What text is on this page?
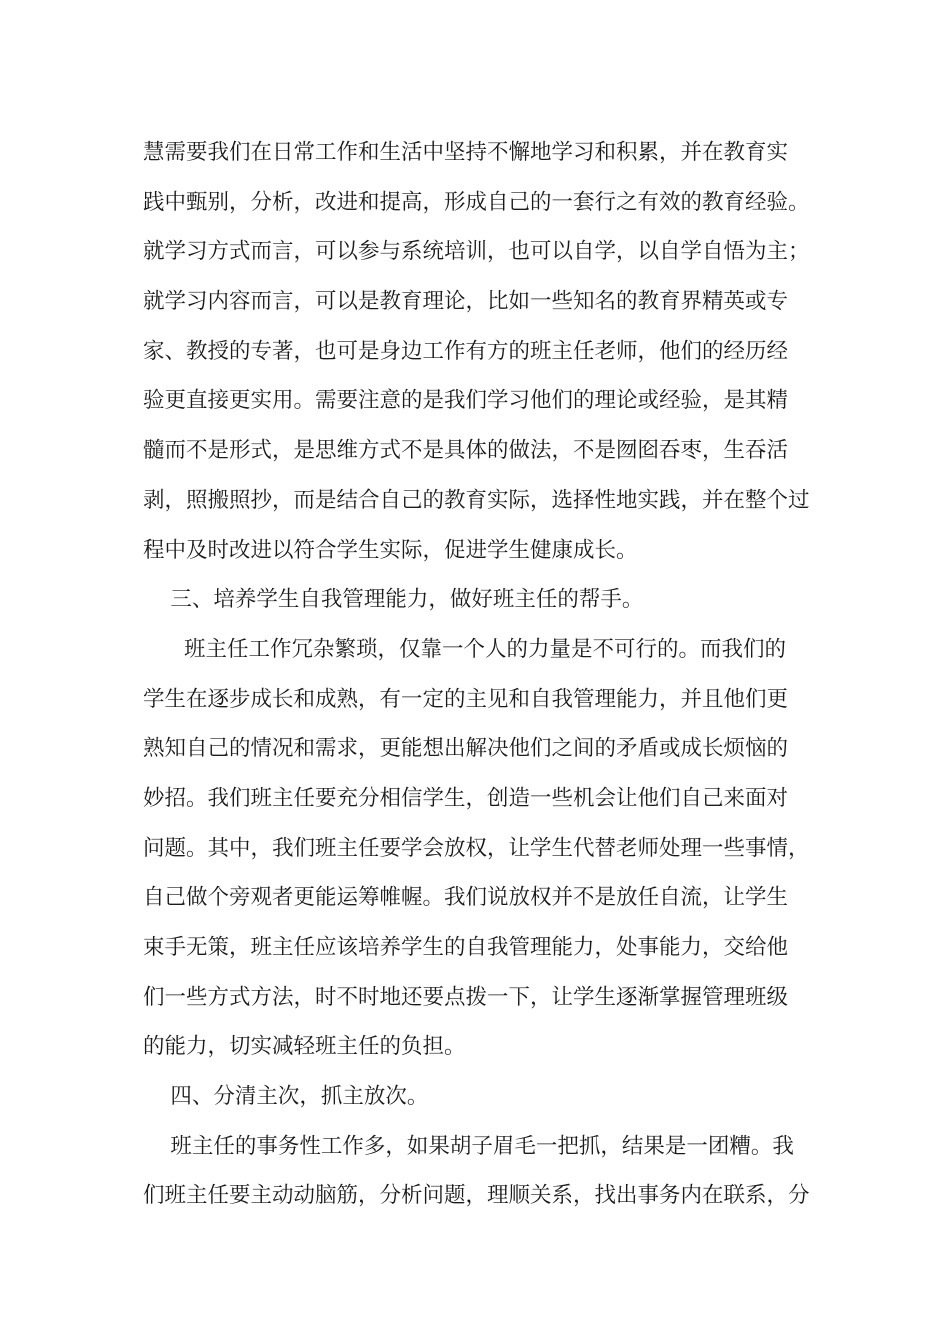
慧需要我们在日常工作和生活中坚持不懈地学习和积累，并在教育实
践中甄别，分析，改进和提高，形成自己的一套行之有效的教育经验。
就学习方式而言，可以参与系统培训，也可以自学，以自学自悟为主；
就学习内容而言，可以是教育理论，比如一些知名的教育界精英或专
家、教授的专著，也可是身边工作有方的班主任老师，他们的经历经
验更直接更实用。需要注意的是我们学习他们的理论或经验，是其精
髓而不是形式，是思维方式不是具体的做法，不是囫囵吞枣，生吞活
剥，照搬照抄，而是结合自己的教育实际，选择性地实践，并在整个过
程中及时改进以符合学生实际，促进学生健康成长。
三、培养学生自我管理能力，做好班主任的帮手。
班主任工作冗杂繁琐，仅靠一个人的力量是不可行的。而我们的
学生在逐步成长和成熟，有一定的主见和自我管理能力，并且他们更
熟知自己的情况和需求，更能想出解决他们之间的矛盾或成长烦恼的
妙招。我们班主任要充分相信学生，创造一些机会让他们自己来面对
问题。其中，我们班主任要学会放权，让学生代替老师处理一些事情，
自己做个旁观者更能运筹帷幄。我们说放权并不是放任自流，让学生
束手无策，班主任应该培养学生的自我管理能力，处事能力，交给他
们一些方式方法，时不时地还要点拨一下，让学生逐渐掌握管理班级
的能力，切实减轻班主任的负担。
四、分清主次，抓主放次。
班主任的事务性工作多，如果胡子眉毛一把抓，结果是一团糟。我
们班主任要主动动脑筋，分析问题，理顺关系，找出事务内在联系，分
